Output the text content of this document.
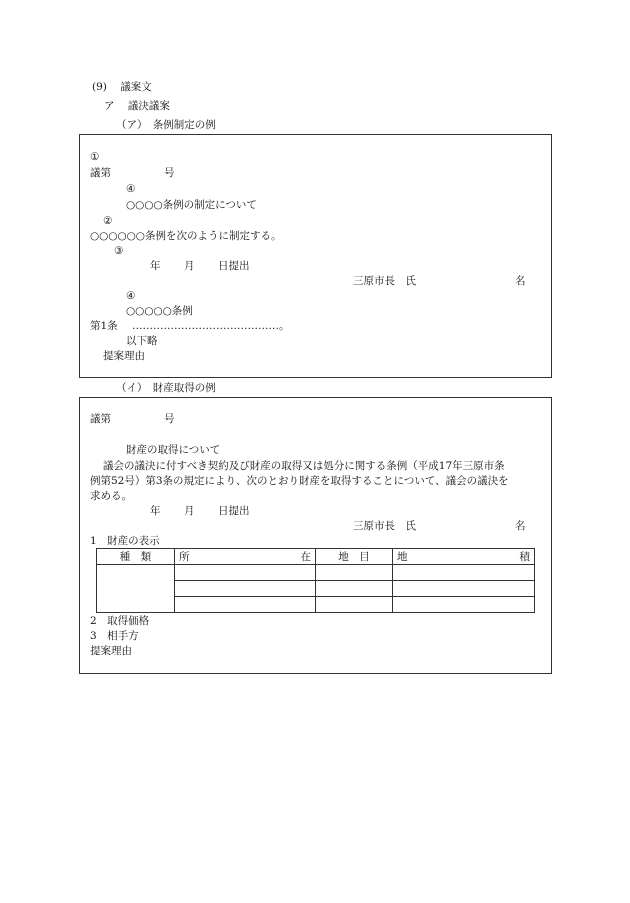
(9) 議案文
ア 議決議案
（ア）　条例制定の例
①
議第	号
④
○○○○条例の制定について
②
○○○○○○条例を次のように制定する。
③
年 月 日提出
三原市長　氏	名
④
○○○○○条例
第1条 ……………………………………。
以下略
提案理由
（イ）　財産取得の例
議第	号
財産の取得について
議会の議決に付すべき契約及び財産の取得又は処分に関する条例（平成17年三原市条
例第52号）第3条の規定により、次のとおり財産を取得することについて、議会の議決を
求める。
年 月 日提出
三原市長　氏	名
1　財産の表示
種　類	所 在	地　目	地 積

2　取得価格
3　相手方
提案理由
